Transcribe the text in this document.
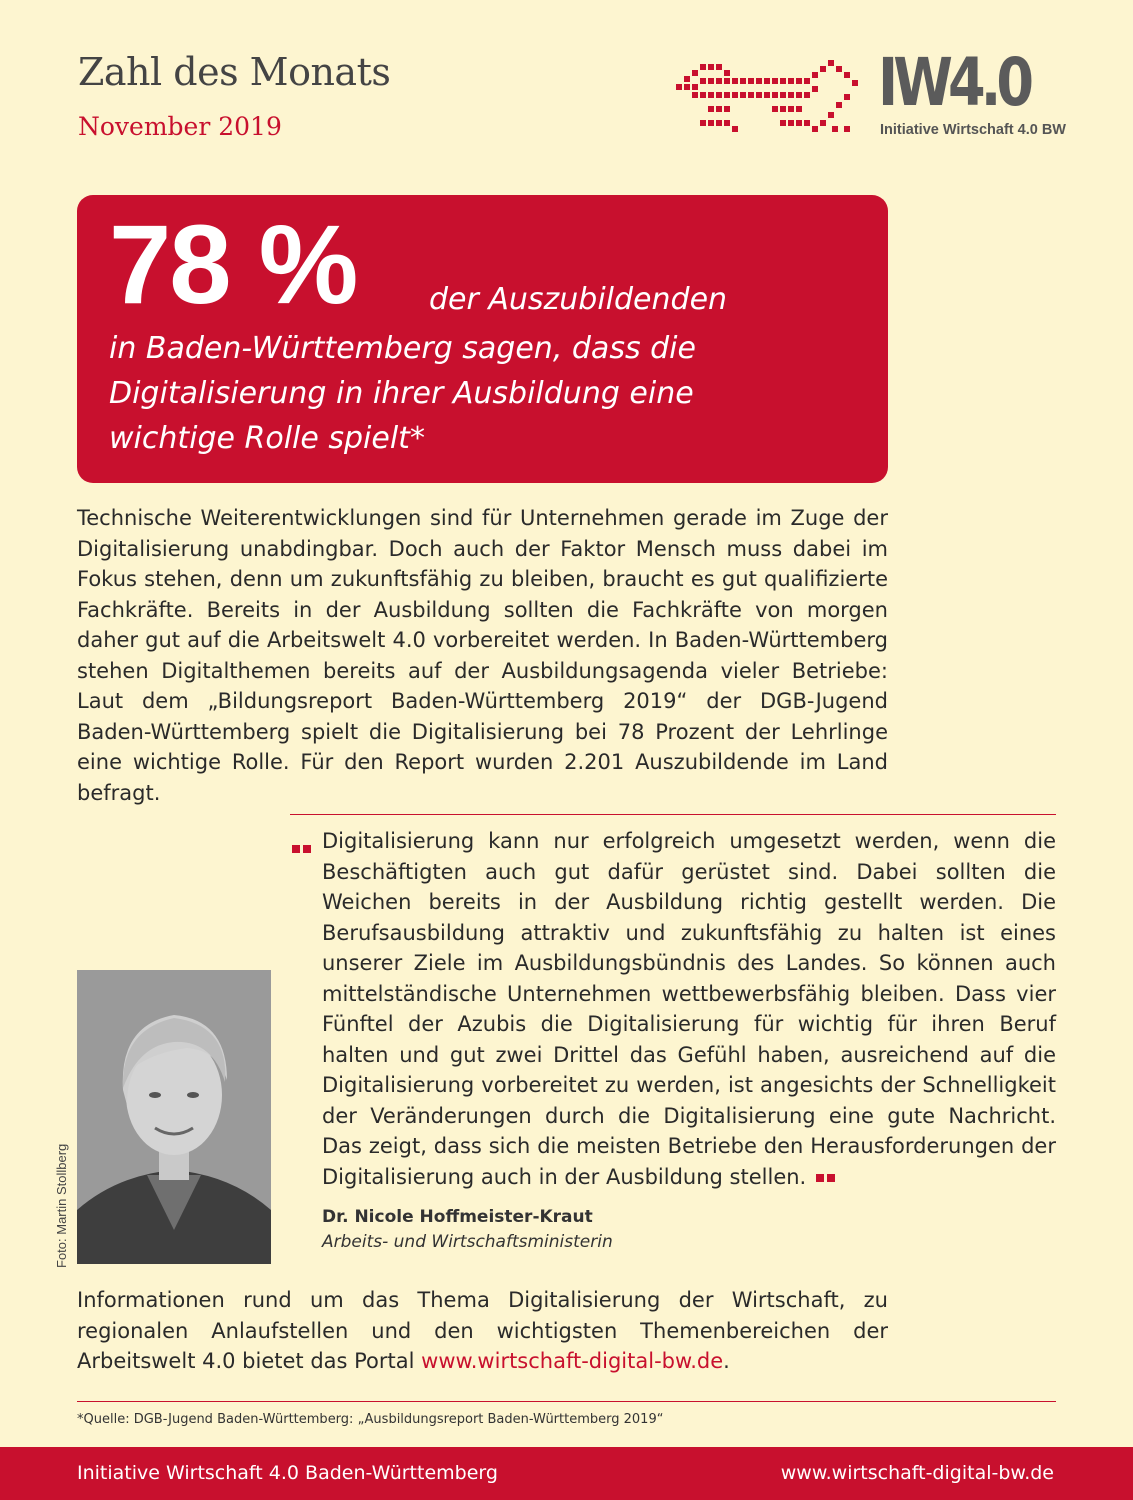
Zahl des Monats
November 2019
IW4.0
Initiative Wirtschaft 4.0 BW
78 % der Auszubildenden
in Baden-Württemberg sagen, dass die
Digitalisierung in ihrer Ausbildung eine
wichtige Rolle spielt*

Technische Weiterentwicklungen sind für Unternehmen gerade im Zuge der Digitalisierung unabdingbar. Doch auch der Faktor Mensch muss dabei im Fokus stehen, denn um zukunftsfähig zu bleiben, braucht es gut qualifizierte Fachkräfte. Bereits in der Ausbildung sollten die Fachkräfte von morgen daher gut auf die Arbeitswelt 4.0 vorbereitet werden. In Baden-Württemberg stehen Digitalthemen bereits auf der Ausbildungsagenda vieler Betriebe: Laut dem „Bildungsreport Baden-Württemberg 2019“ der DGB-Jugend Baden-Württemberg spielt die Digitalisierung bei 78 Prozent der Lehrlinge eine wichtige Rolle. Für den Report wurden 2.201 Auszubildende im Land befragt.

Digitalisierung kann nur erfolgreich umgesetzt werden, wenn die Beschäftigten auch gut dafür gerüstet sind. Dabei sollten die Weichen bereits in der Ausbildung richtig gestellt werden. Die Berufsausbildung attraktiv und zukunftsfähig zu halten ist eines unserer Ziele im Ausbildungsbündnis des Landes. So können auch mittelständische Unternehmen wettbewerbsfähig bleiben. Dass vier Fünftel der Azubis die Digitalisierung für wichtig für ihren Beruf halten und gut zwei Drittel das Gefühl haben, ausreichend auf die Digitalisierung vorbereitet zu werden, ist angesichts der Schnelligkeit der Veränderungen durch die Digitalisierung eine gute Nachricht. Das zeigt, dass sich die meisten Betriebe den Herausforderungen der Digitalisierung auch in der Ausbildung stellen.

Foto: Martin Stollberg	Dr. Nicole Hoffmeister-Kraut
Arbeits- und Wirtschaftsministerin

Informationen rund um das Thema Digitalisierung der Wirtschaft, zu regionalen Anlaufstellen und den wichtigsten Themenbereichen der Arbeitswelt 4.0 bietet das Portal www.wirtschaft-digital-bw.de.

*Quelle: DGB-Jugend Baden-Württemberg: „Ausbildungsreport Baden-Württemberg 2019“
Initiative Wirtschaft 4.0 Baden-Württemberg	www.wirtschaft-digital-bw.de
